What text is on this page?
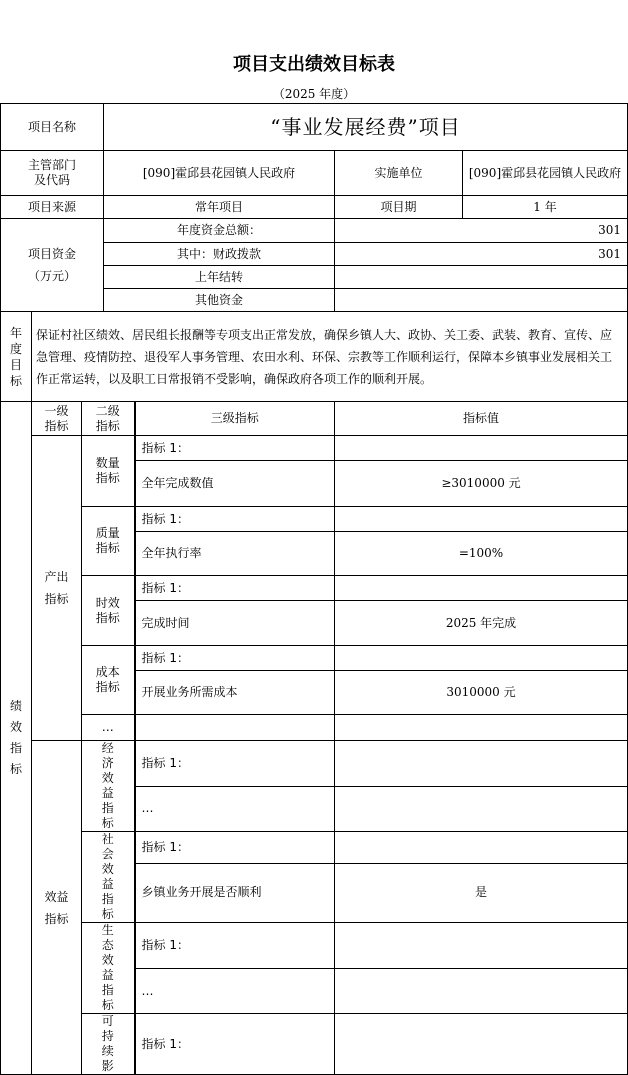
项目支出绩效目标表
（2025 年度）
项目名称			“事业发展经费”项目			
主管部门
及代码			[090]霍邱县花园镇人民政府		实施单位	[090]霍邱县花园镇人民政府
项目来源			常年项目		项目期	1 年
项目资金
（万元）			年度资金总额：		301	
			其中：财政拨款		301	
			上年结转			
			其他资金			
年度目标	保证村社区绩效、居民组长报酬等专项支出正常发放，确保乡镇人大、政协、关工委、武装、教育、宣传、应急管理、疫情防控、退役军人事务管理、农田水利、环保、宗教等工作顺利运行，保障本乡镇事业发展相关工作正常运转，以及职工日常报销不受影响，确保政府各项工作的顺利开展。					
绩效指标	一级指标	二级指标		三级指标	指标值	
	产出指标	数量指标		指标 1：		
				全年完成数值	≥3010000 元	
		质量指标		指标 1：		
				全年执行率	=100%	
		时效指标		指标 1：		
				完成时间	2025 年完成	
		成本指标		指标 1：		
				开展业务所需成本	3010000 元	
		…				
	效益指标	经济效益指标		指标 1：		
				…		
		社会效益指标		指标 1：		
				乡镇业务开展是否顺利	是	
		生态效益指标		指标 1：		
				…		
		可持续影		指标 1：		
